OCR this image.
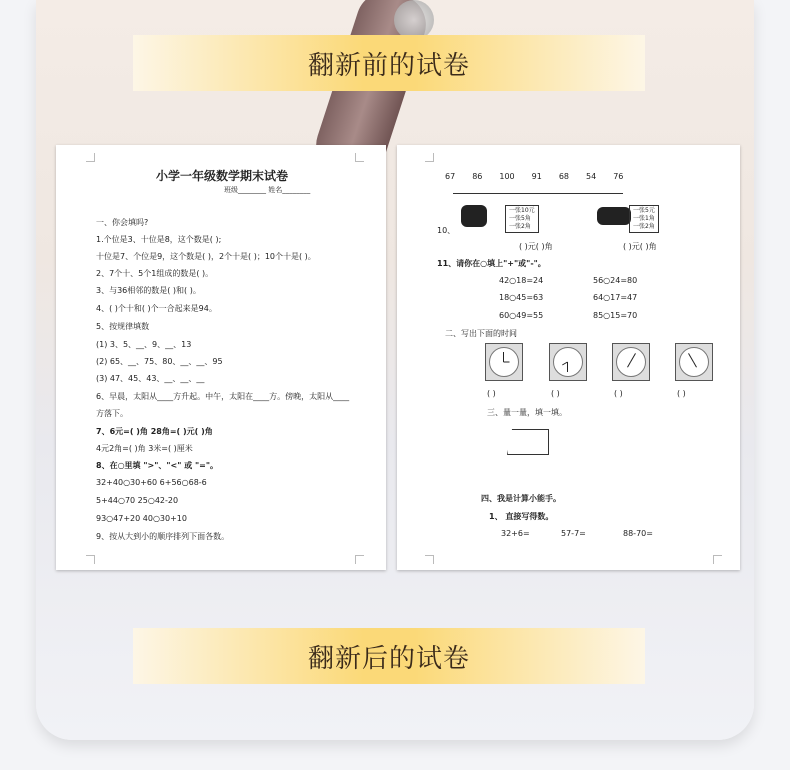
翻新前的试卷
小学一年级数学期末试卷
班级________ 姓名________
一、你会填吗?
1.个位是3、十位是8，这个数是( );
十位是7、个位是9，这个数是( )，2个十是( )；10个十是( )。
2、7个十、5个1组成的数是( )。
3、与36相邻的数是( )和( )。
4、( )个十和( )个一合起来是94。
5、按规律填数
(1) 3、5、__、9、__、13
(2) 65、__、75、80、__、__、95
(3) 47、45、43、__、__、__
6、早晨，太阳从____方升起。中午，太阳在____方。傍晚，太阳从____
方落下。
7、6元=( )角 28角=( )元( )角
4元2角=( )角 3米=( )厘米
8、在○里填 ">"、"<" 或 "="。
32+40○30+60 6+56○68-6
5+44○70 25○42-20
93○47+20 40○30+10
9、按从大到小的顺序排列下面各数。
67 86 100 91 68 54 76
10、
一张10元
一张5角
一张2角
一张5元
一张1角
一张2角
( )元( )角	( )元( )角
11、请你在○填上"+"或"-"。
42○18=24	56○24=80
18○45=63	64○17=47
60○49=55	85○15=70
二、写出下面的时间
( )	( )	( )	( )
三、量一量，填一填。
四、我是计算小能手。
1、 直接写得数。
32+6=	57-7=	88-70=
翻新后的试卷
